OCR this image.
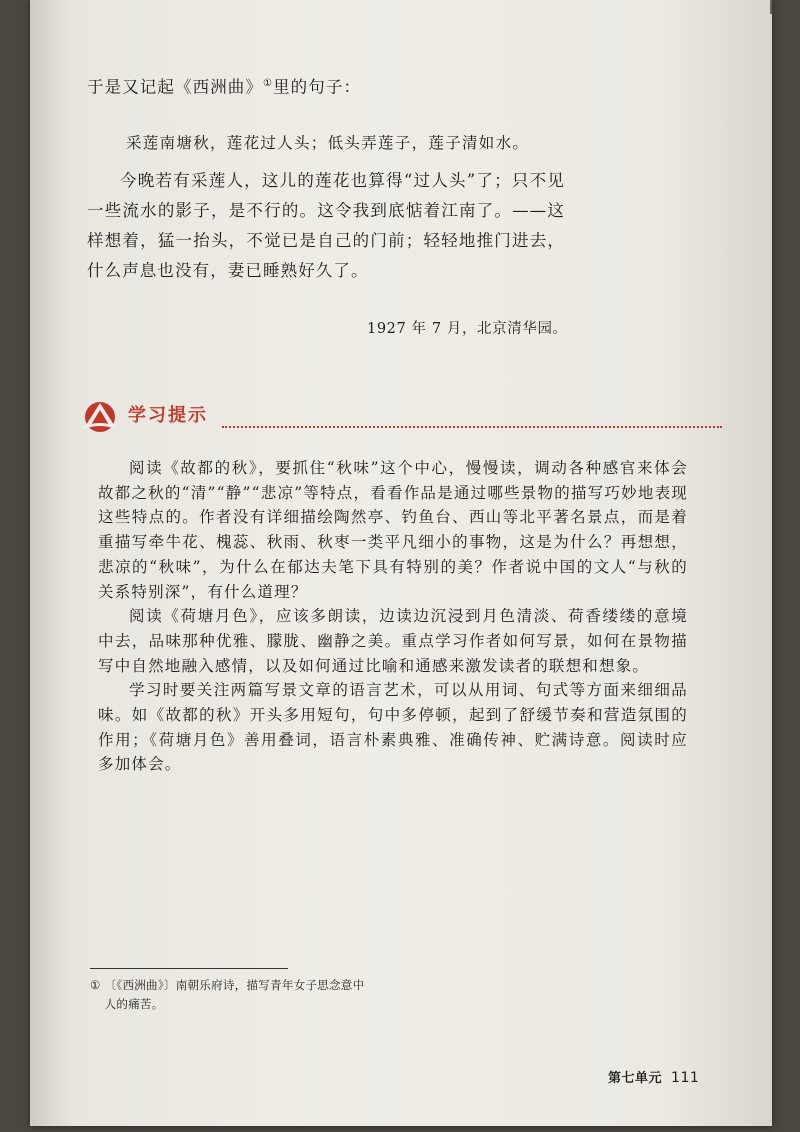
于是又记起《西洲曲》①里的句子：

采莲南塘秋，莲花过人头；低头弄莲子，莲子清如水。

今晚若有采莲人，这儿的莲花也算得“过人头”了；只不见一些流水的影子，是不行的。这令我到底惦着江南了。——这样想着，猛一抬头，不觉已是自己的门前；轻轻地推门进去，什么声息也没有，妻已睡熟好久了。

1927 年 7 月，北京清华园。

学习提示

阅读《故都的秋》，要抓住“秋味”这个中心，慢慢读，调动各种感官来体会故都之秋的“清”“静”“悲凉”等特点，看看作品是通过哪些景物的描写巧妙地表现这些特点的。作者没有详细描绘陶然亭、钓鱼台、西山等北平著名景点，而是着重描写牵牛花、槐蕊、秋雨、秋枣一类平凡细小的事物，这是为什么？再想想，悲凉的“秋味”，为什么在郁达夫笔下具有特别的美？作者说中国的文人“与秋的关系特别深”，有什么道理？

阅读《荷塘月色》，应该多朗读，边读边沉浸到月色清淡、荷香缕缕的意境中去，品味那种优雅、朦胧、幽静之美。重点学习作者如何写景，如何在景物描写中自然地融入感情，以及如何通过比喻和通感来激发读者的联想和想象。

学习时要关注两篇写景文章的语言艺术，可以从用词、句式等方面来细细品味。如《故都的秋》开头多用短句，句中多停顿，起到了舒缓节奏和营造氛围的作用；《荷塘月色》善用叠词，语言朴素典雅、准确传神、贮满诗意。阅读时应多加体会。

① 〔《西洲曲》〕南朝乐府诗，描写青年女子思念意中人的痛苦。
第七单元 111
